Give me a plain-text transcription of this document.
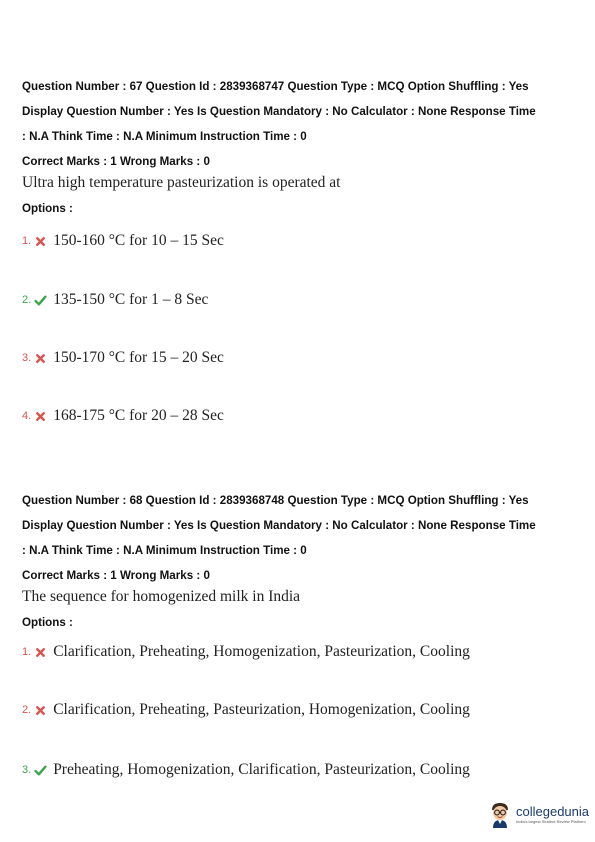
Question Number : 67 Question Id : 2839368747 Question Type : MCQ Option Shuffling : Yes
Display Question Number : Yes Is Question Mandatory : No Calculator : None Response Time
: N.A Think Time : N.A Minimum Instruction Time : 0
Correct Marks : 1 Wrong Marks : 0
Ultra high temperature pasteurization is operated at
Options :
1. 150-160 °C for 10 – 15 Sec
2. 135-150 °C for 1 – 8 Sec
3. 150-170 °C for 15 – 20 Sec
4. 168-175 °C for 20 – 28 Sec
Question Number : 68 Question Id : 2839368748 Question Type : MCQ Option Shuffling : Yes
Display Question Number : Yes Is Question Mandatory : No Calculator : None Response Time
: N.A Think Time : N.A Minimum Instruction Time : 0
Correct Marks : 1 Wrong Marks : 0
The sequence for homogenized milk in India
Options :
1. Clarification, Preheating, Homogenization, Pasteurization, Cooling
2. Clarification, Preheating, Pasteurization, Homogenization, Cooling
3. Preheating, Homogenization, Clarification, Pasteurization, Cooling
collegedunia
India's largest Student Review Platform
